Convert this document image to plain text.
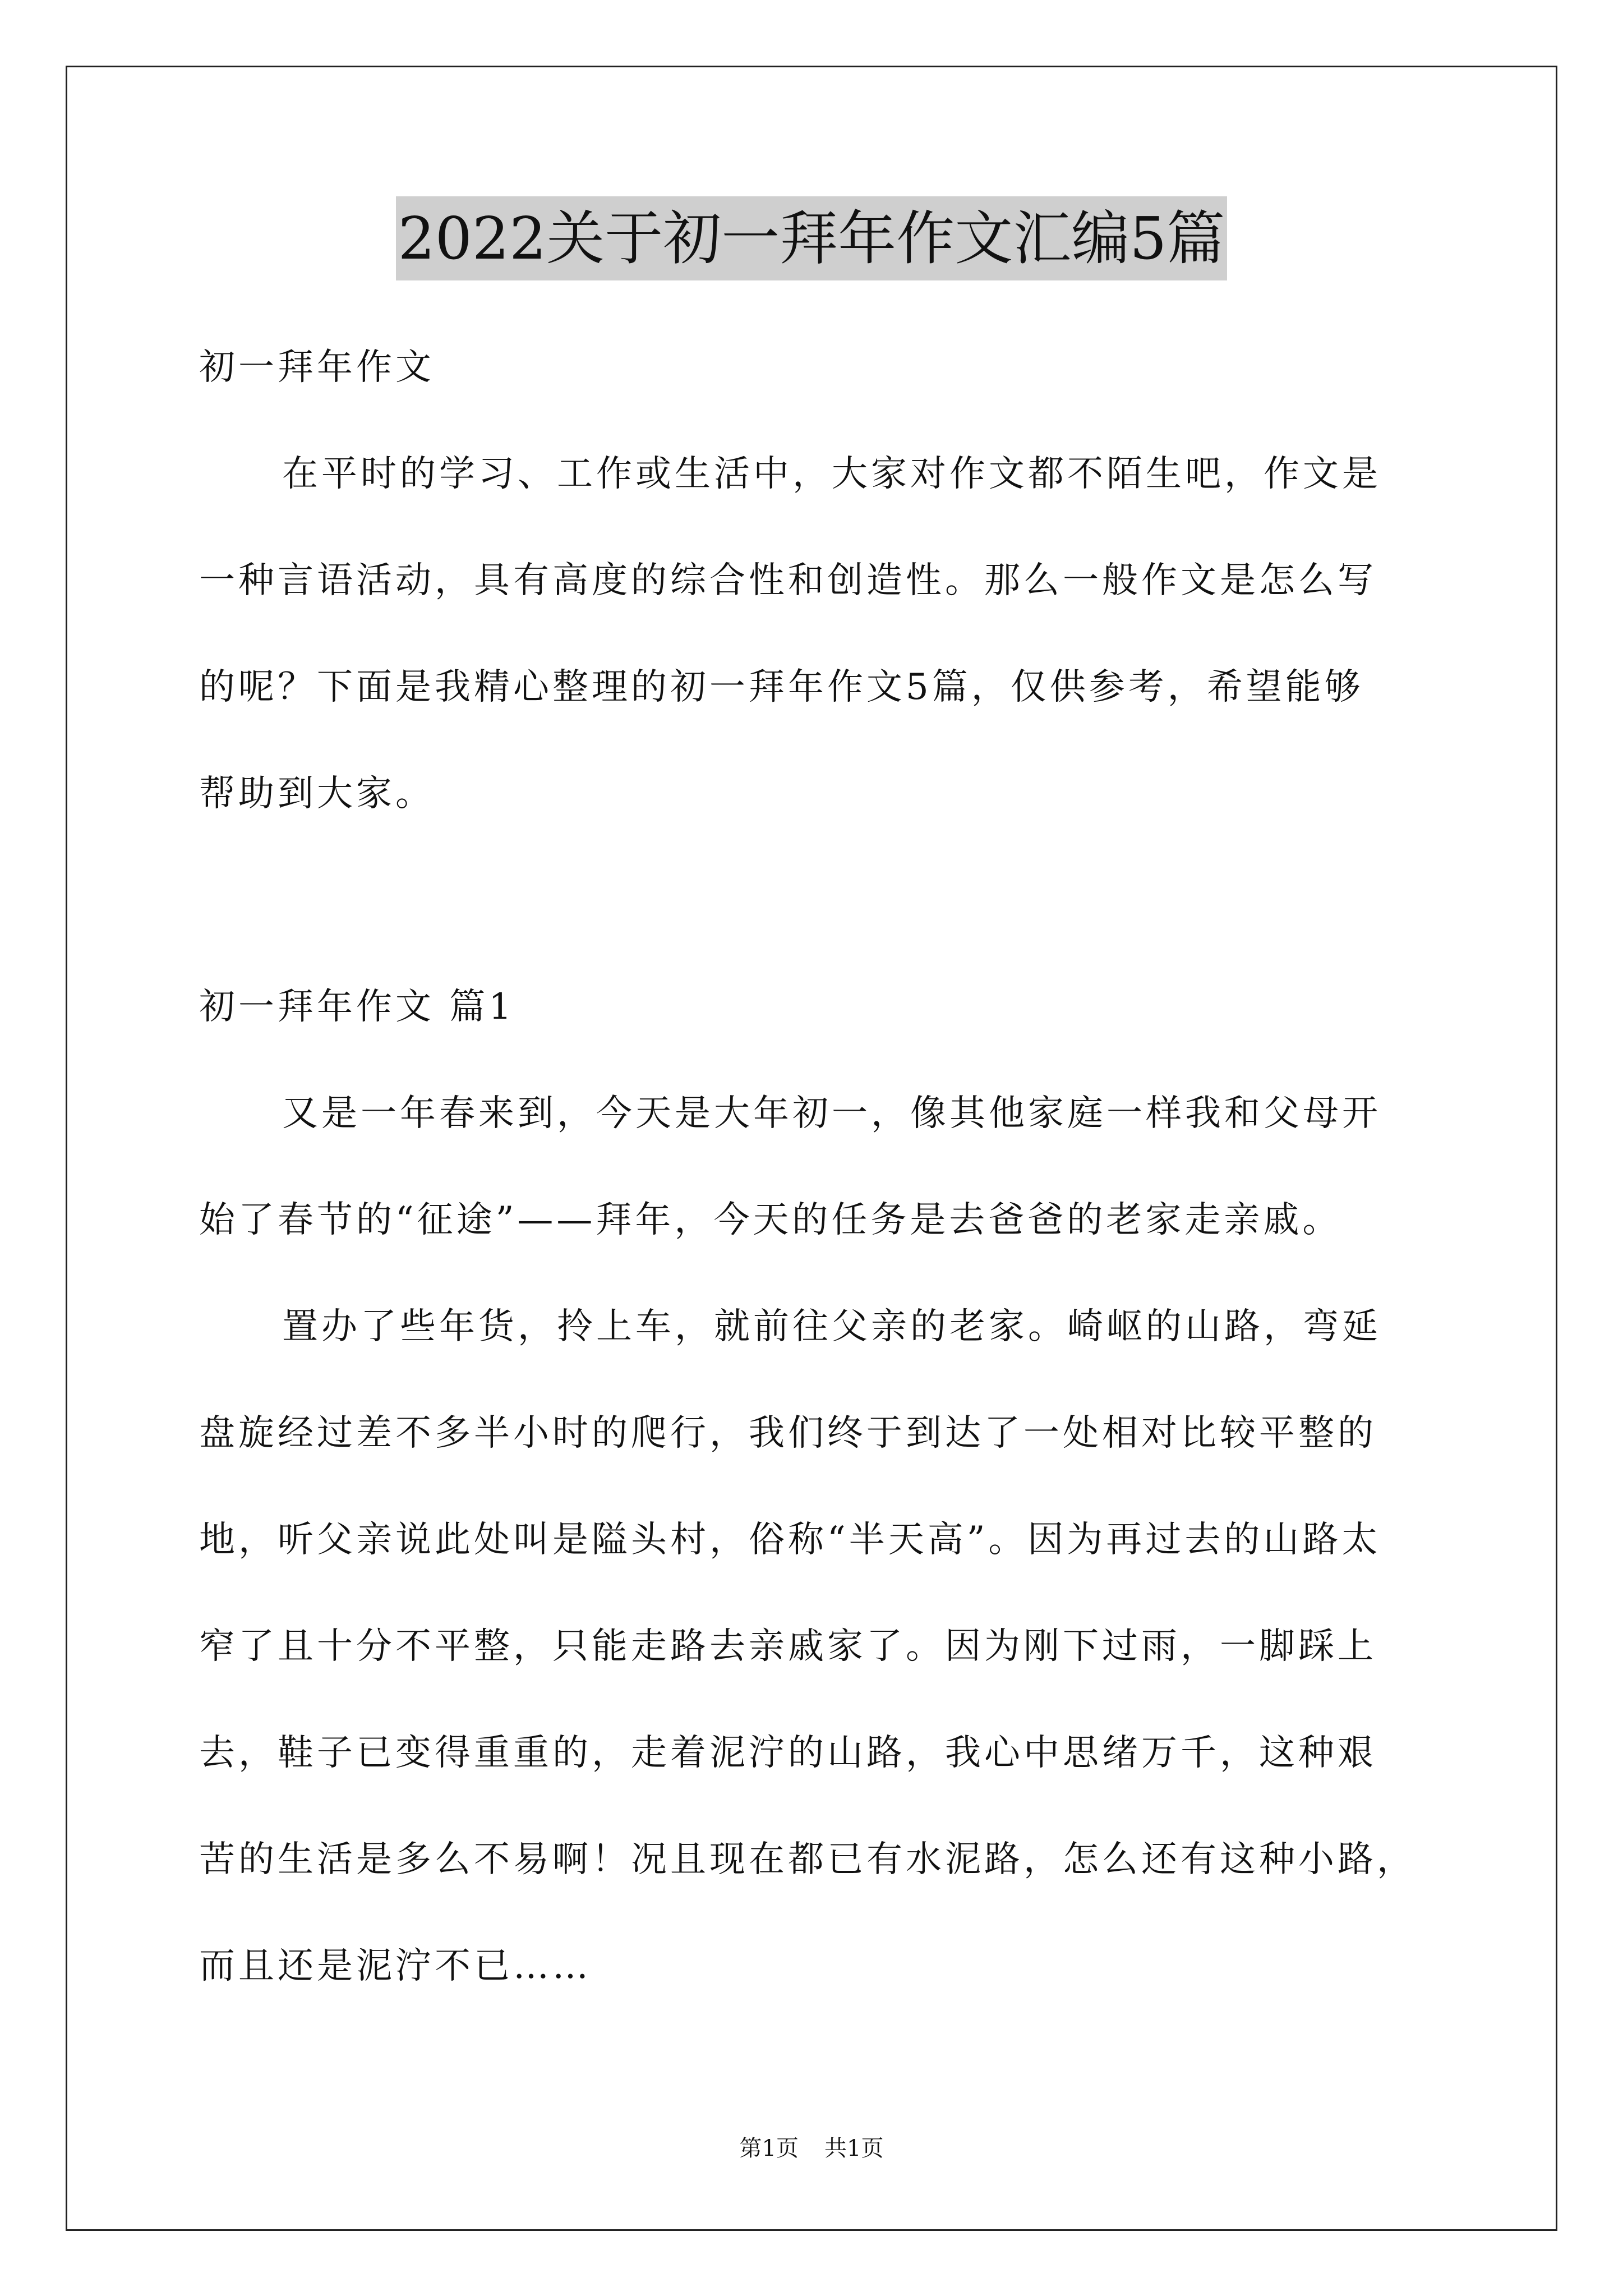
2022关于初一拜年作文汇编5篇
初一拜年作文
在平时的学习、工作或生活中，大家对作文都不陌生吧，作文是
一种言语活动，具有高度的综合性和创造性。那么一般作文是怎么写
的呢？下面是我精心整理的初一拜年作文5篇，仅供参考，希望能够
帮助到大家。
初一拜年作文 篇1
又是一年春来到，今天是大年初一，像其他家庭一样我和父母开
始了春节的“征途”——拜年，今天的任务是去爸爸的老家走亲戚。
置办了些年货，拎上车，就前往父亲的老家。崎岖的山路，弯延
盘旋经过差不多半小时的爬行，我们终于到达了一处相对比较平整的
地，听父亲说此处叫是隘头村，俗称“半天高”。因为再过去的山路太
窄了且十分不平整，只能走路去亲戚家了。因为刚下过雨，一脚踩上
去，鞋子已变得重重的，走着泥泞的山路，我心中思绪万千，这种艰
苦的生活是多么不易啊！况且现在都已有水泥路，怎么还有这种小路，
而且还是泥泞不已……
第1页 共1页
